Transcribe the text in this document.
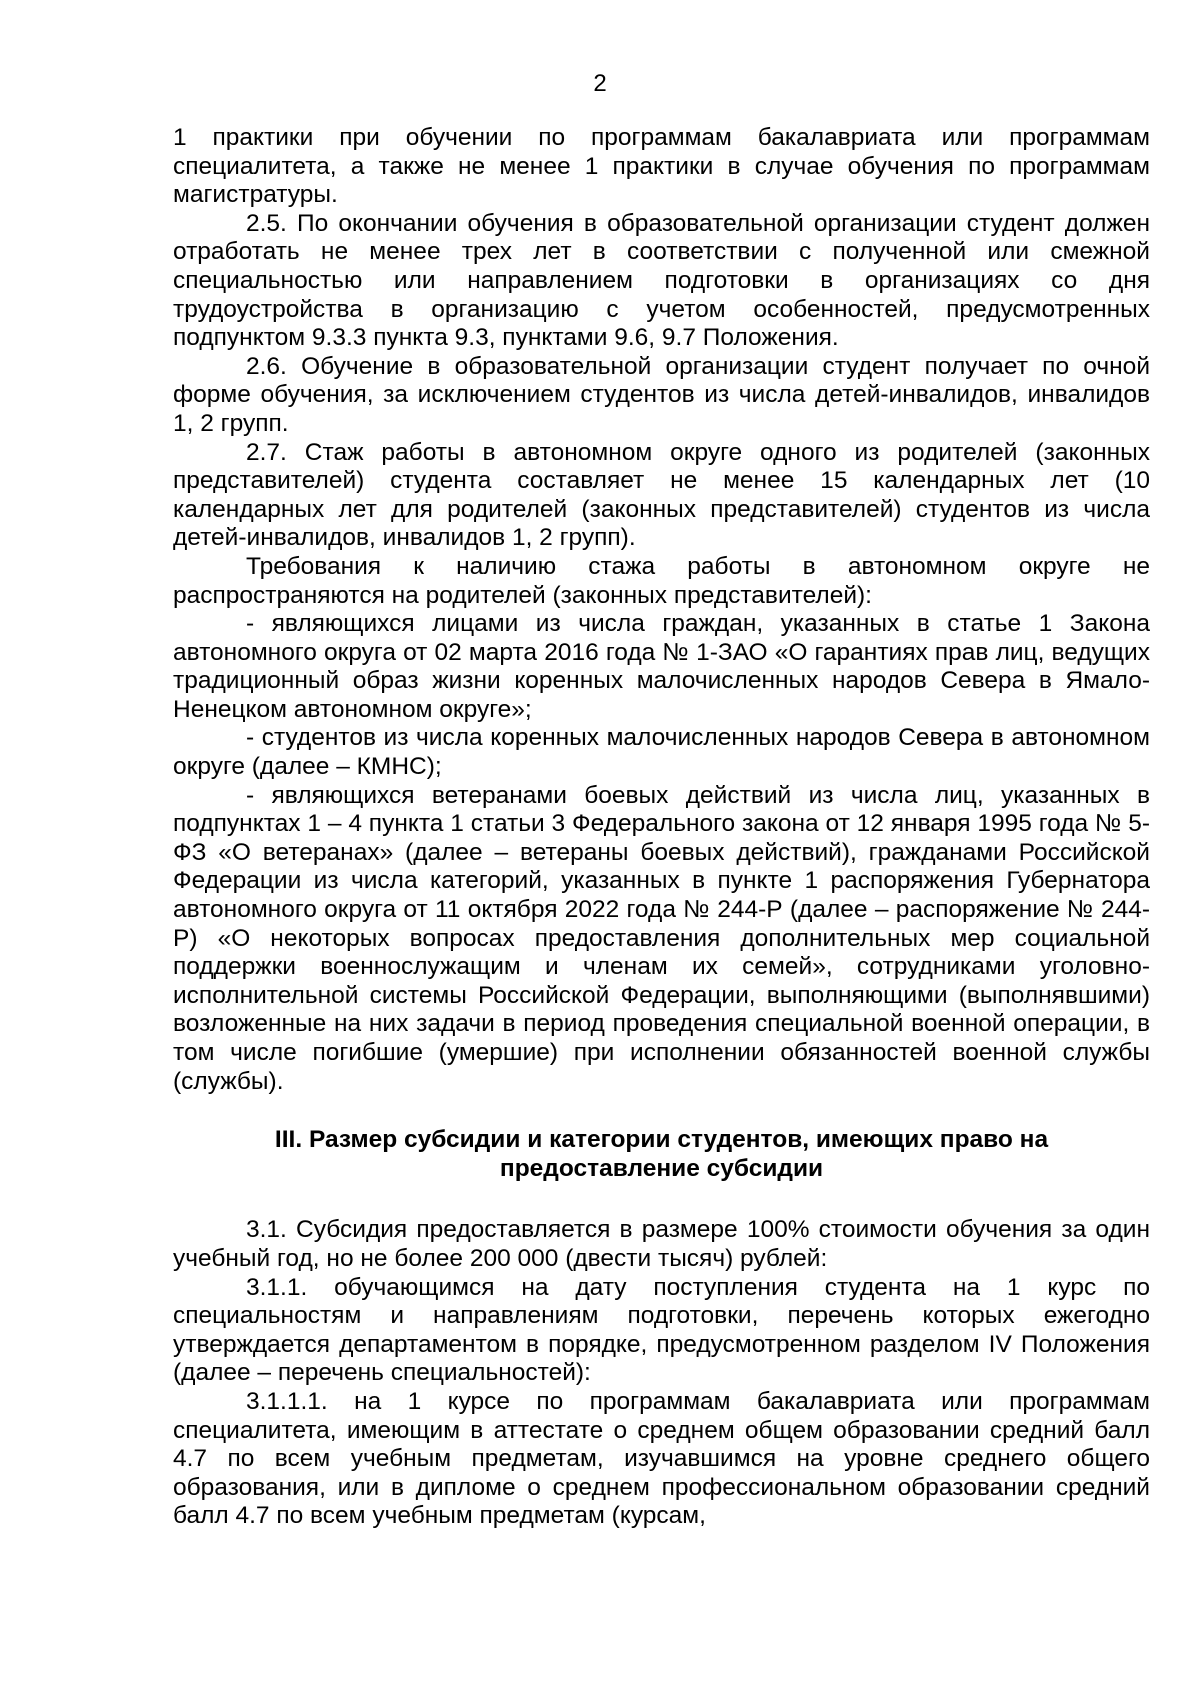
2

1 практики при обучении по программам бакалавриата или программам специалитета, а также не менее 1 практики в случае обучения по программам магистратуры.

2.5. По окончании обучения в образовательной организации студент должен отработать не менее трех лет в соответствии с полученной или смежной специальностью или направлением подготовки в организациях со дня трудоустройства в организацию с учетом особенностей, предусмотренных подпунктом 9.3.3 пункта 9.3, пунктами 9.6, 9.7 Положения.

2.6. Обучение в образовательной организации студент получает по очной форме обучения, за исключением студентов из числа детей-инвалидов, инвалидов 1, 2 групп.

2.7. Стаж работы в автономном округе одного из родителей (законных представителей) студента составляет не менее 15 календарных лет (10 календарных лет для родителей (законных представителей) студентов из числа детей-инвалидов, инвалидов 1, 2 групп).

Требования к наличию стажа работы в автономном округе не распространяются на родителей (законных представителей):

- являющихся лицами из числа граждан, указанных в статье 1 Закона автономного округа от 02 марта 2016 года № 1-ЗАО «О гарантиях прав лиц, ведущих традиционный образ жизни коренных малочисленных народов Севера в Ямало-Ненецком автономном округе»;

- студентов из числа коренных малочисленных народов Севера в автономном округе (далее – КМНС);

- являющихся ветеранами боевых действий из числа лиц, указанных в подпунктах 1 – 4 пункта 1 статьи 3 Федерального закона от 12 января 1995 года № 5-ФЗ «О ветеранах» (далее – ветераны боевых действий), гражданами Российской Федерации из числа категорий, указанных в пункте 1 распоряжения Губернатора автономного округа от 11 октября 2022 года № 244-Р (далее – распоряжение № 244-Р) «О некоторых вопросах предоставления дополнительных мер социальной поддержки военнослужащим и членам их семей», сотрудниками уголовно-исполнительной системы Российской Федерации, выполняющими (выполнявшими) возложенные на них задачи в период проведения специальной военной операции, в том числе погибшие (умершие) при исполнении обязанностей военной службы (службы).

III. Размер субсидии и категории студентов, имеющих право на
предоставление субсидии

3.1. Субсидия предоставляется в размере 100% стоимости обучения за один учебный год, но не более 200 000 (двести тысяч) рублей:

3.1.1. обучающимся на дату поступления студента на 1 курс по специальностям и направлениям подготовки, перечень которых ежегодно утверждается департаментом в порядке, предусмотренном разделом IV Положения (далее – перечень специальностей):

3.1.1.1. на 1 курсе по программам бакалавриата или программам специалитета, имеющим в аттестате о среднем общем образовании средний балл 4.7 по всем учебным предметам, изучавшимся на уровне среднего общего образования, или в дипломе о среднем профессиональном образовании средний балл 4.7 по всем учебным предметам (курсам,
